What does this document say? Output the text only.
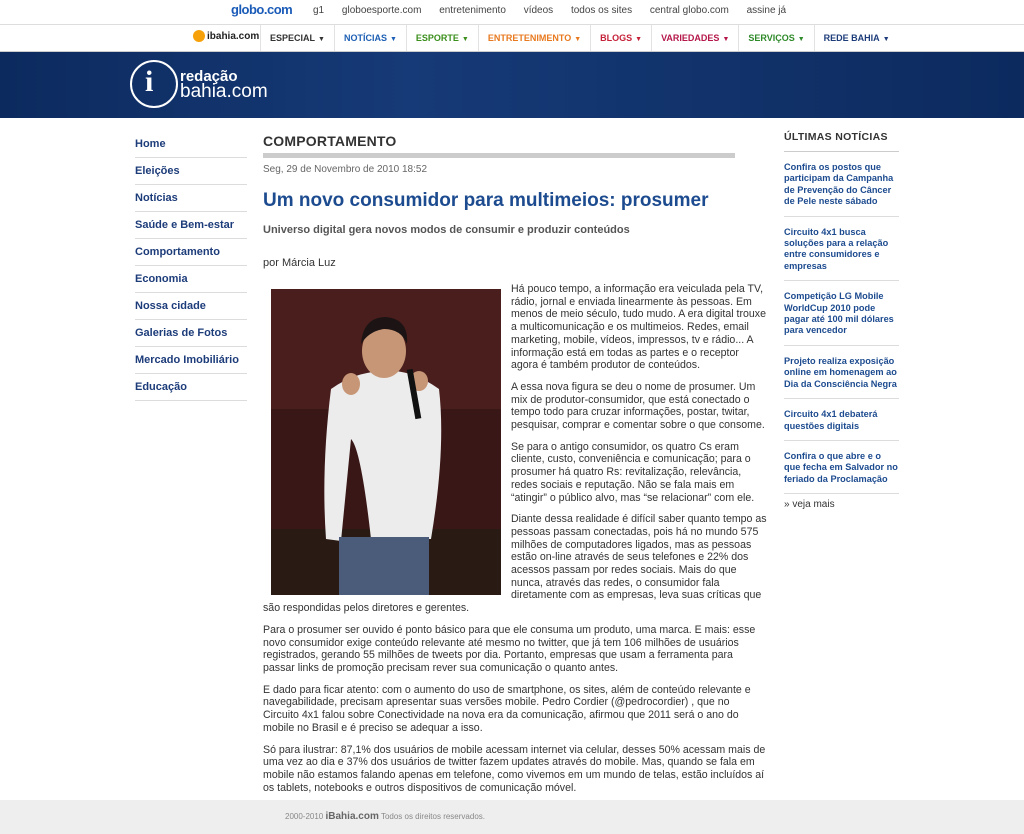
globo.com g1 globoesporte.com entretenimento vídeos todos os sites central globo.com assine já
ibahia.com	ESPECIAL ▼	NOTÍCIAS ▼	ESPORTE ▼	ENTRETENIMENTO ▼	BLOGS ▼	VARIEDADES ▼	SERVIÇOS ▼	REDE BAHIA ▼
i redação
bahia.com
Home
Eleições
Notícias
Saúde e Bem-estar
Comportamento
Economia
Nossa cidade
Galerias de Fotos
Mercado Imobiliário
Educação
COMPORTAMENTO
Seg, 29 de Novembro de 2010 18:52
Um novo consumidor para multimeios: prosumer
Universo digital gera novos modos de consumir e produzir conteúdos
por Márcia Luz

Há pouco tempo, a informação era veiculada pela TV, rádio, jornal e enviada linearmente às pessoas. Em menos de meio século, tudo mudo. A era digital trouxe a multicomunicação e os multimeios. Redes, email marketing, mobile, vídeos, impressos, tv e rádio... A informação está em todas as partes e o receptor agora é também produtor de conteúdos.

A essa nova figura se deu o nome de prosumer. Um mix de produtor-consumidor, que está conectado o tempo todo para cruzar informações, postar, twitar, pesquisar, comprar e comentar sobre o que consome.

Se para o antigo consumidor, os quatro Cs eram cliente, custo, conveniência e comunicação; para o prosumer há quatro Rs: revitalização, relevância, redes sociais e reputação. Não se fala mais em “atingir” o público alvo, mas “se relacionar” com ele.

Diante dessa realidade é difícil saber quanto tempo as pessoas passam conectadas, pois há no mundo 575 milhões de computadores ligados, mas as pessoas estão on-line através de seus telefones e 22% dos acessos passam por redes sociais. Mais do que nunca, através das redes, o consumidor fala diretamente com as empresas, leva suas críticas que são respondidas pelos diretores e gerentes.

Para o prosumer ser ouvido é ponto básico para que ele consuma um produto, uma marca. E mais: esse novo consumidor exige conteúdo relevante até mesmo no twitter, que já tem 106 milhões de usuários registrados, gerando 55 milhões de tweets por dia. Portanto, empresas que usam a ferramenta para passar links de promoção precisam rever sua comunicação o quanto antes.

E dado para ficar atento: com o aumento do uso de smartphone, os sites, além de conteúdo relevante e navegabilidade, precisam apresentar suas versões mobile. Pedro Cordier (@pedrocordier) , que no Circuito 4x1 falou sobre Conectividade na nova era da comunicação, afirmou que 2011 será o ano do mobile no Brasil e é preciso se adequar a isso.

Só para ilustrar: 87,1% dos usuários de mobile acessam internet via celular, desses 50% acessam mais de uma vez ao dia e 37% dos usuários de twitter fazem updates através do mobile. Mas, quando se fala em mobile não estamos falando apenas em telefone, como vivemos em um mundo de telas, estão incluídos aí os tablets, notebooks e outros dispositivos de comunicação móvel.

ÚLTIMAS NOTÍCIAS
Confira os postos que participam da Campanha de Prevenção do Câncer de Pele neste sábado
Circuito 4x1 busca soluções para a relação entre consumidores e empresas
Competição LG Mobile WorldCup 2010 pode pagar até 100 mil dólares para vencedor
Projeto realiza exposição online em homenagem ao Dia da Consciência Negra
Circuito 4x1 debaterá questões digitais
Confira o que abre e o que fecha em Salvador no feriado da Proclamação
» veja mais
2000-2010 iBahia.com Todos os direitos reservados.
